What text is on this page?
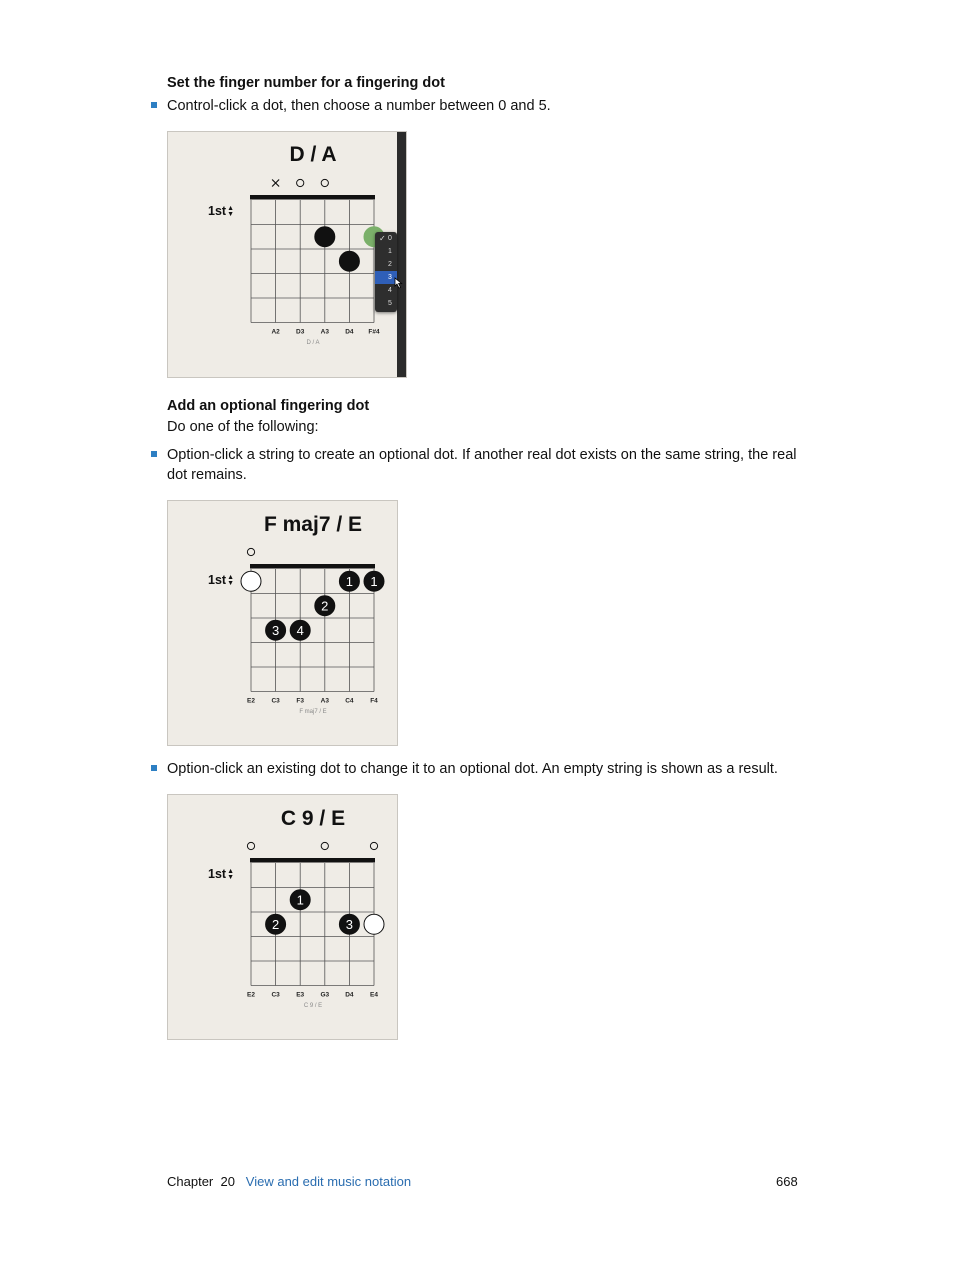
Set the finger number for a fingering dot
Control-click a dot, then choose a number between 0 and 5.
D / A
1st▲
▼
A2	D3	A3	D4 F#4
✓ 0
1
2
3
4
5
D / A
Add an optional fingering dot
Do one of the following:
Option-click a string to create an optional dot. If another real dot exists on the same string, the real dot remains.
F maj7 / E
1st▲
▼	1 1
2
3 4
E2	C3	F3	A3	C4	F4
F maj7 / E
Option-click an existing dot to change it to an optional dot. An empty string is shown as a result.
C 9 / E
1st▲
▼
1
2	3
E2	C3	E3	G3 D4	E4
C 9 / E
Chapter 20 View and edit music notation	668
